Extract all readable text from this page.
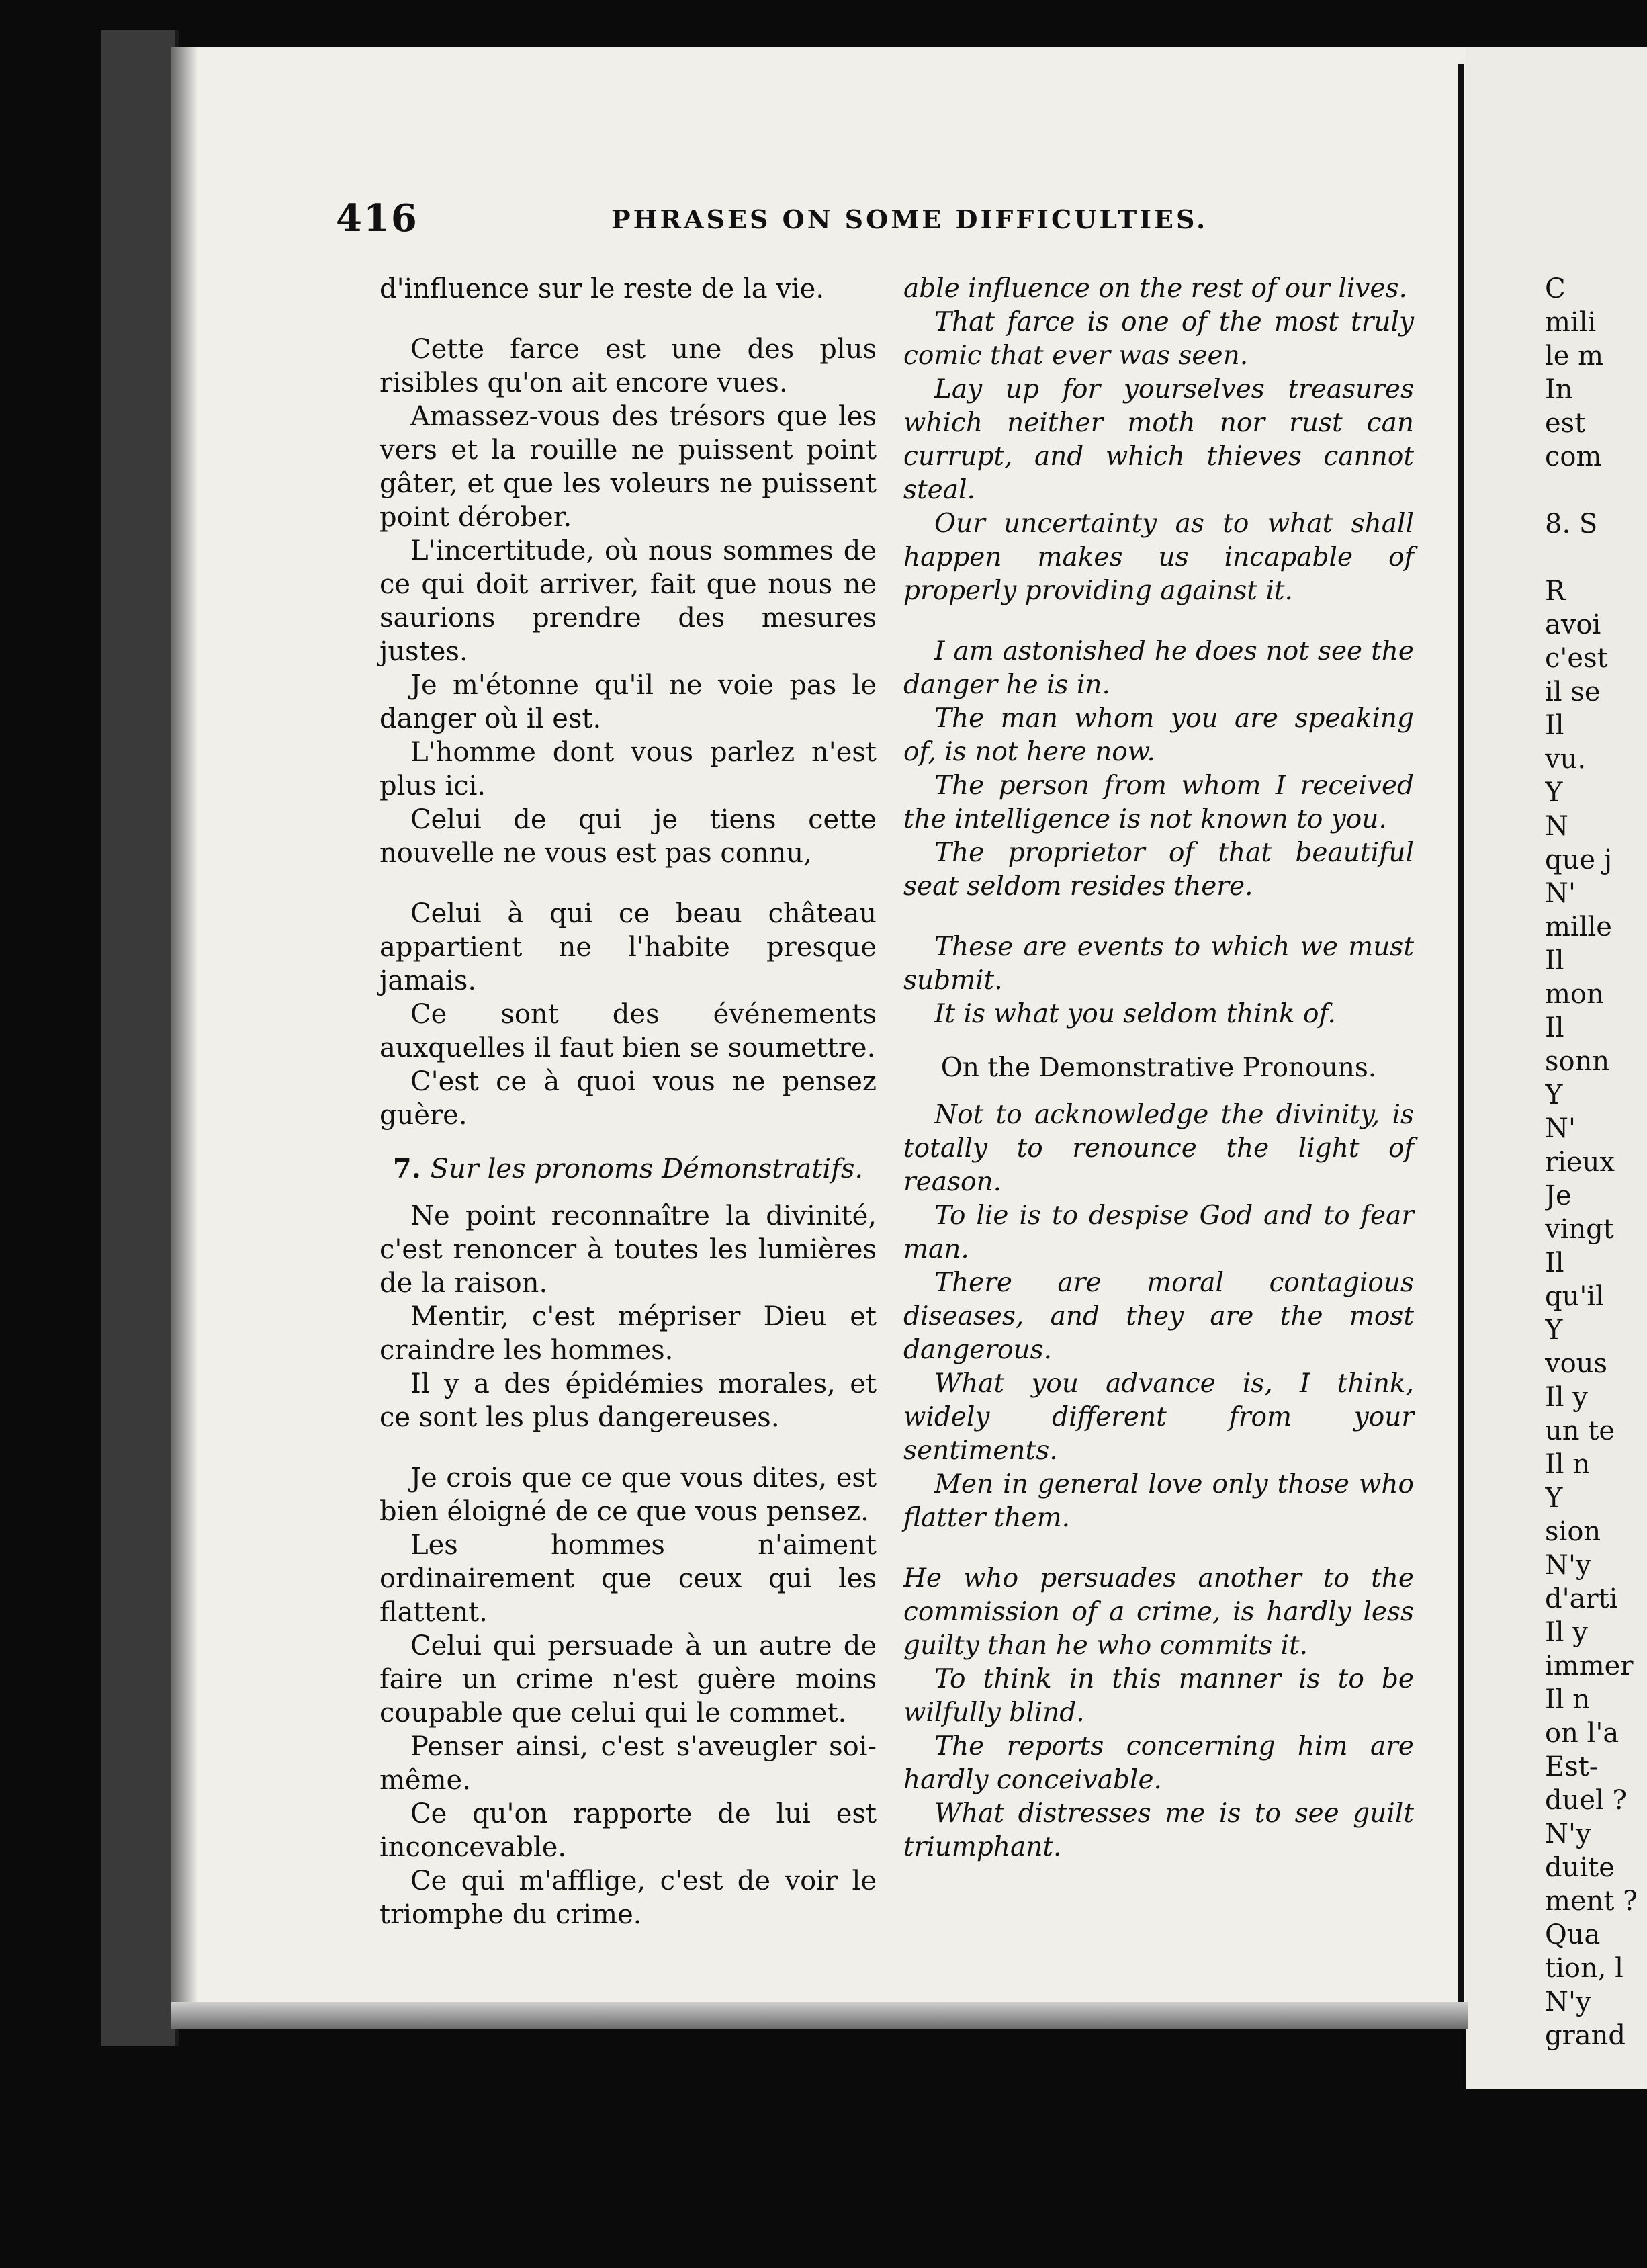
416	PHRASES ON SOME DIFFICULTIES.

d'influence sur le reste de la vie.

Cette farce est une des plus risibles qu'on ait encore vues.

Amassez-vous des trésors que les vers et la rouille ne puissent point gâter, et que les voleurs ne puissent point dérober.

L'incertitude, où nous sommes de ce qui doit arriver, fait que nous ne saurions prendre des mesures justes.

Je m'étonne qu'il ne voie pas le danger où il est.

L'homme dont vous parlez n'est plus ici.

Celui de qui je tiens cette nouvelle ne vous est pas connu,

Celui à qui ce beau château appartient ne l'habite presque jamais.

Ce sont des événements auxquelles il faut bien se soumettre.

C'est ce à quoi vous ne pensez guère.

7. Sur les pronoms Démonstratifs.

Ne point reconnaître la divinité, c'est renoncer à toutes les lumières de la raison.

Mentir, c'est mépriser Dieu et craindre les hommes.

Il y a des épidémies morales, et ce sont les plus dangereuses.

Je crois que ce que vous dites, est bien éloigné de ce que vous pensez.

Les hommes n'aiment ordinairement que ceux qui les flattent.

Celui qui persuade à un autre de faire un crime n'est guère moins coupable que celui qui le commet.

Penser ainsi, c'est s'aveugler soi-même.

Ce qu'on rapporte de lui est inconcevable.

Ce qui m'afflige, c'est de voir le triomphe du crime.

able influence on the rest of our lives.

That farce is one of the most truly comic that ever was seen.

Lay up for yourselves treasures which neither moth nor rust can currupt, and which thieves cannot steal.

Our uncertainty as to what shall happen makes us incapable of properly providing against it.

I am astonished he does not see the danger he is in.

The man whom you are speaking of, is not here now.

The person from whom I received the intelligence is not known to you.

The proprietor of that beautiful seat seldom resides there.

These are events to which we must submit.

It is what you seldom think of.

On the Demonstrative Pronouns.

Not to acknowledge the divinity, is totally to renounce the light of reason.

To lie is to despise God and to fear man.

There are moral contagious diseases, and they are the most dangerous.

What you advance is, I think, widely different from your sentiments.

Men in general love only those who flatter them.

He who persuades another to the commission of a crime, is hardly less guilty than he who commits it.

To think in this manner is to be wilfully blind.

The reports concerning him are hardly conceivable.

What distresses me is to see guilt triumphant.

C
mili
le m
In
est
com
8. S
R
avoi
c'est
il se
Il
vu.
Y
N
que j
N'
mille
Il
mon
Il
sonn
Y
N'
rieux
Je
vingt
Il
qu'il
Y
vous
Il y
un te
Il n
Y
sion
N'y
d'arti
Il y
immer
Il n
on l'a
Est-
duel ?
N'y
duite
ment ?
Qua
tion, l
N'y
grand
